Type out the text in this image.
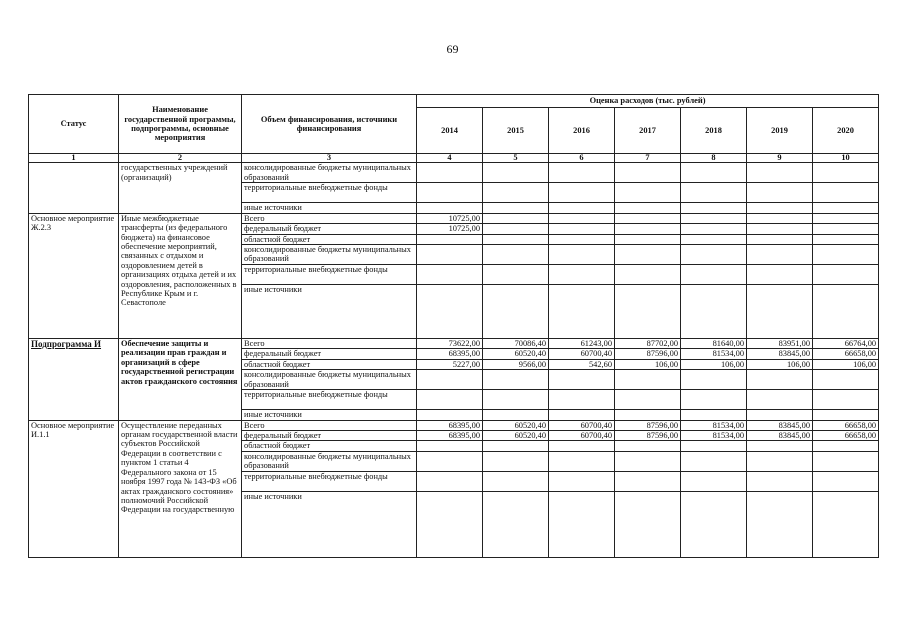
69
Статус	Наименование государственной программы, подпрограммы, основные мероприятия	Объем финансирования, источники финансирования	Оценка расходов (тыс. рублей)						
			2014	2015	2016	2017	2018	2019	2020
1	2	3	4	5	6	7	8	9	10
	государственных учреждений (организаций)	консолидированные бюджеты муниципальных образований							
		территориальные внебюджетные фонды							
		иные источники							
Основное мероприятие Ж.2.3	Иные межбюджетные трансферты (из федерального бюджета) на финансовое обеспечение мероприятий, связанных с отдыхом и оздоровлением детей в организациях отдыха детей и их оздоровления, расположенных в Республике Крым и г. Севастополе	Всего	10725,00						
		федеральный бюджет	10725,00						
		областной бюджет							
		консолидированные бюджеты муниципальных образований							
		территориальные внебюджетные фонды							
		иные источники							
Подпрограмма И	Обеспечение защиты и реализации прав граждан и организаций в сфере государственной регистрации актов гражданского состояния	Всего	73622,00	70086,40	61243,00	87702,00	81640,00	83951,00	66764,00
		федеральный бюджет	68395,00	60520,40	60700,40	87596,00	81534,00	83845,00	66658,00
		областной бюджет	5227,00	9566,00	542,60	106,00	106,00	106,00	106,00
		консолидированные бюджеты муниципальных образований							
		территориальные внебюджетные фонды							
		иные источники							
Основное мероприятие И.1.1	Осуществление переданных органам государственной власти субъектов Российской Федерации в соответствии с пунктом 1 статьи 4 Федерального закона от 15 ноября 1997 года № 143-ФЗ «Об актах гражданского состояния» полномочий Российской Федерации на государственную	Всего	68395,00	60520,40	60700,40	87596,00	81534,00	83845,00	66658,00
		федеральный бюджет	68395,00	60520,40	60700,40	87596,00	81534,00	83845,00	66658,00
		областной бюджет							
		консолидированные бюджеты муниципальных образований							
		территориальные внебюджетные фонды							
		иные источники							
